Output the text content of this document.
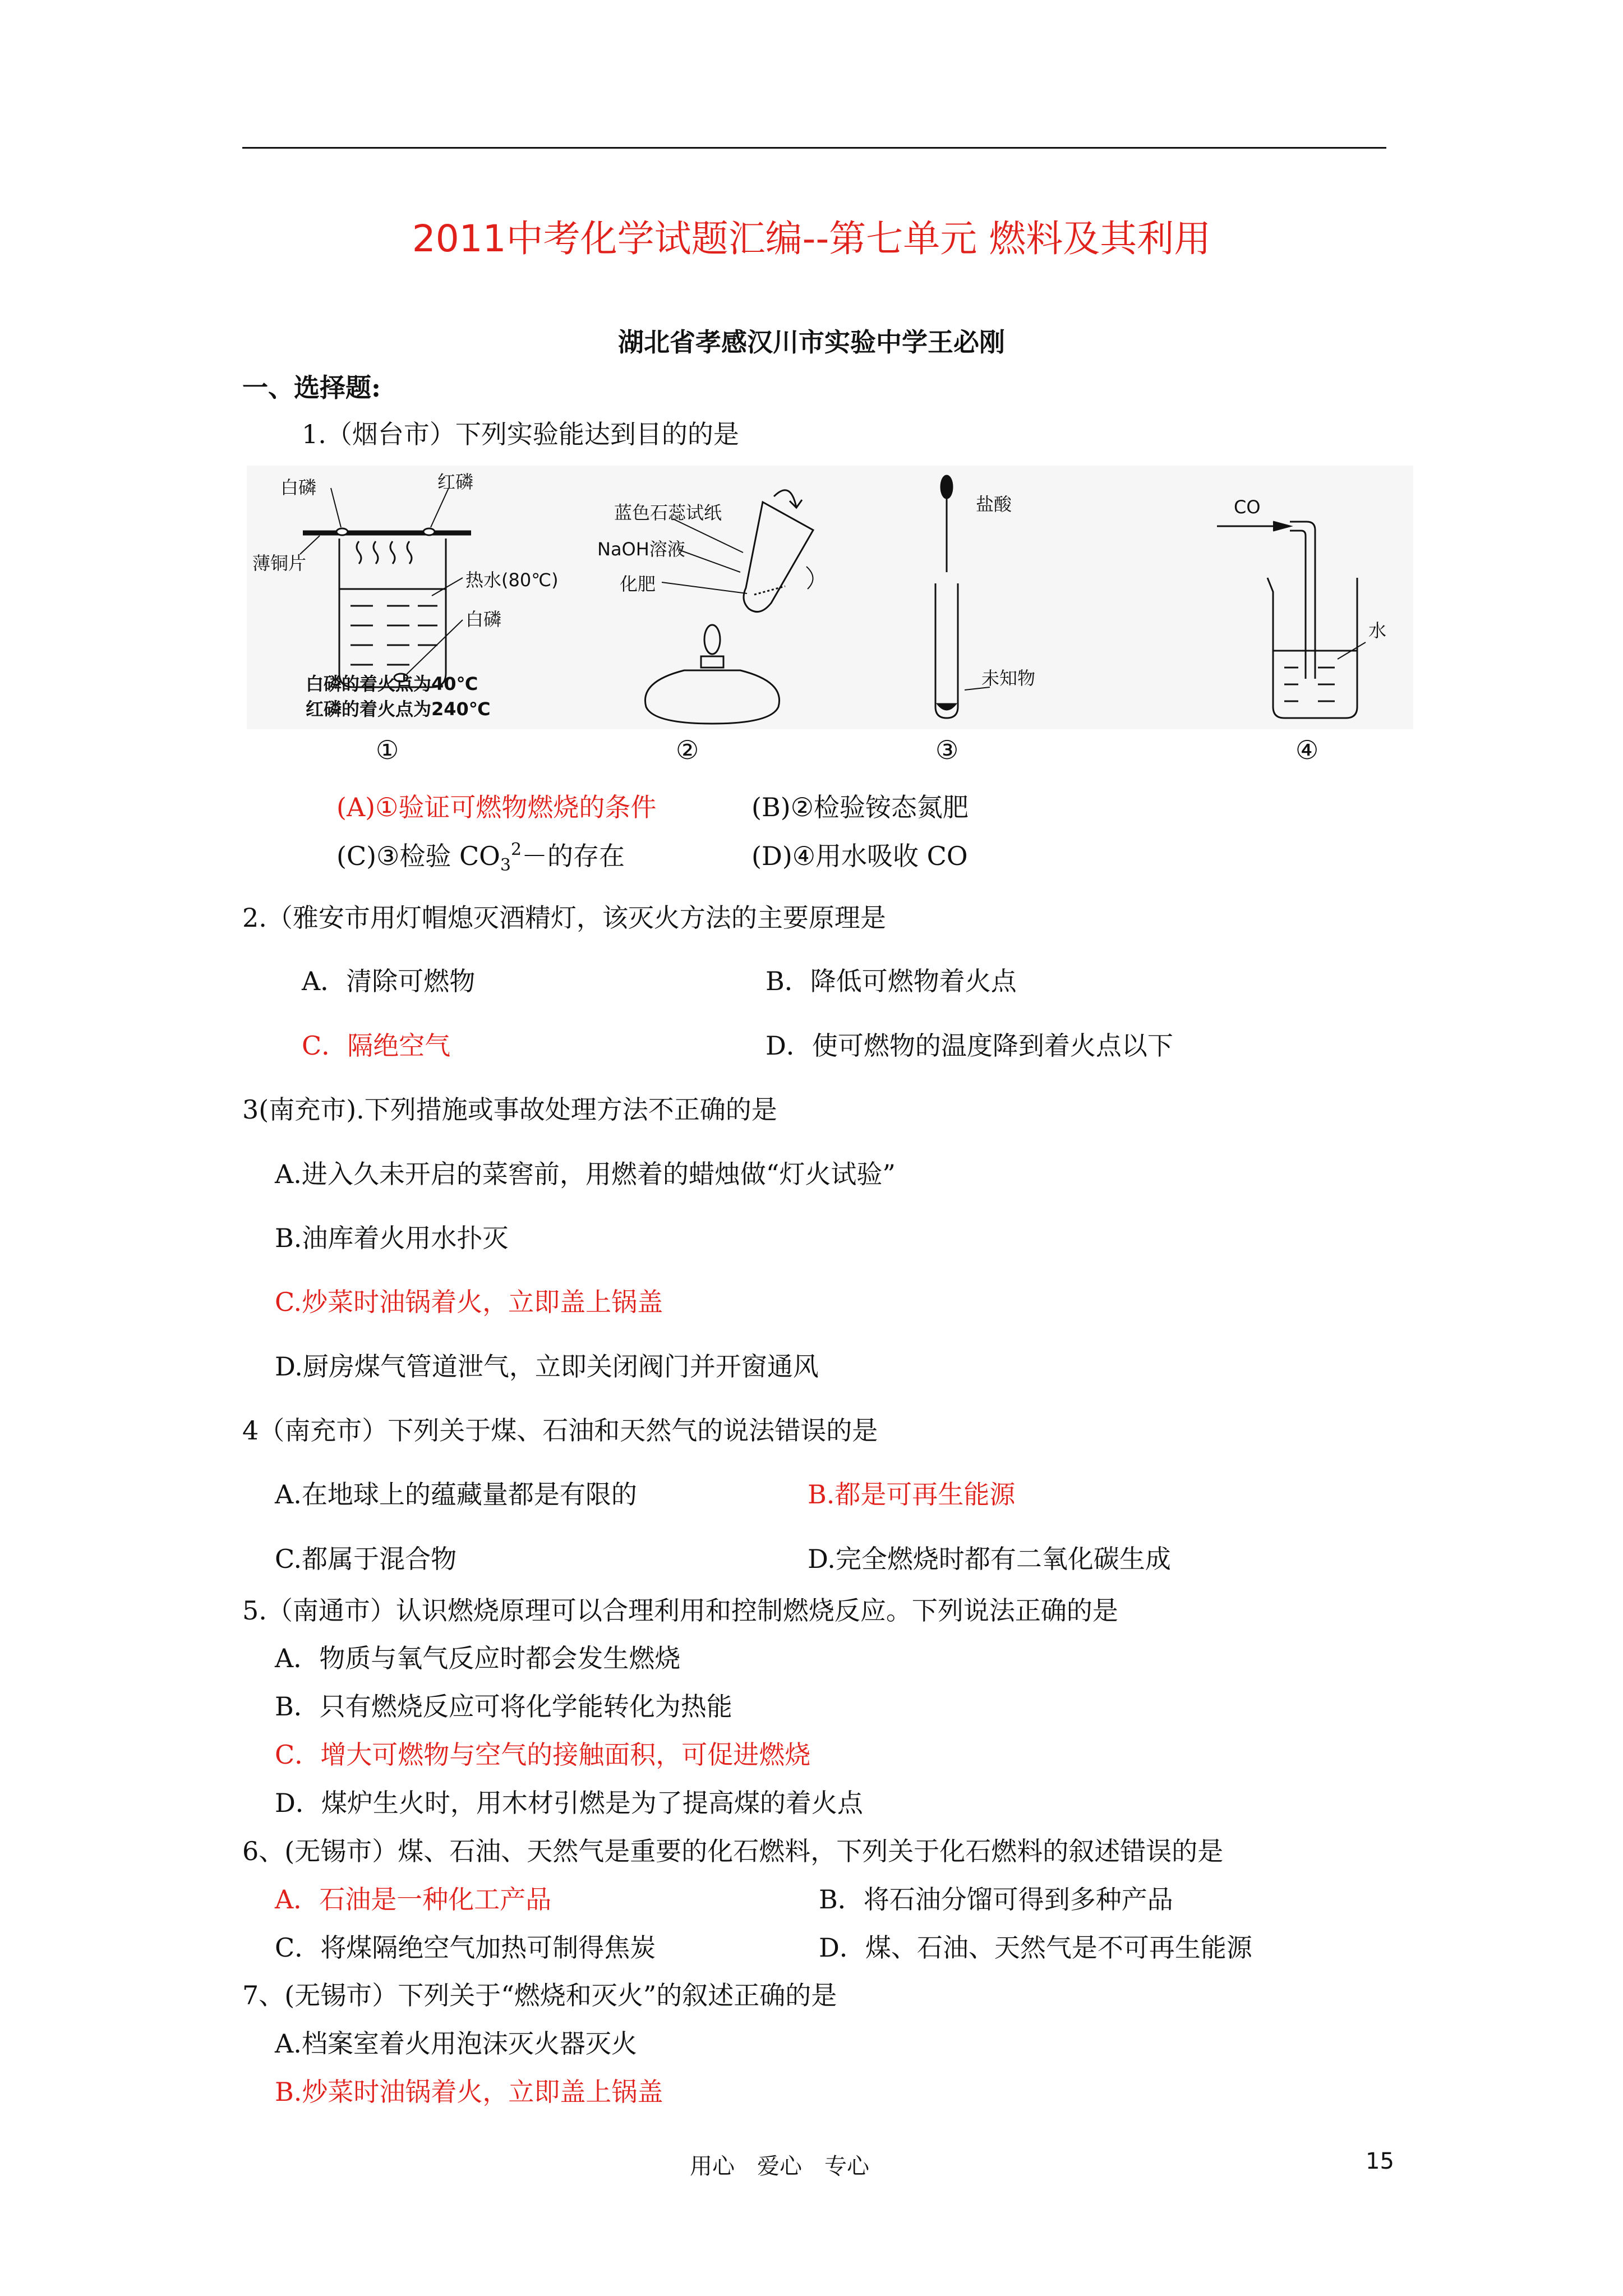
2011中考化学试题汇编--第七单元 燃料及其利用
湖北省孝感汉川市实验中学王必刚
一、选择题:
1.（烟台市）下列实验能达到目的的是
白磷	红磷
薄铜片
热水(80℃)
白磷
白磷的着火点为40℃
红磷的着火点为240℃
蓝色石蕊试纸
NaOH溶液
化肥
盐酸
未知物
CO
水
①	②	③	④
(A)①验证可燃物燃烧的条件	(B)②检验铵态氮肥
(C)③检验 $CO_3^2-$的存在	(D)④用水吸收 CO
2.（雅安市用灯帽熄灭酒精灯，该灭火方法的主要原理是
A．清除可燃物	B．降低可燃物着火点
C．隔绝空气	D．使可燃物的温度降到着火点以下
3(南充市).下列措施或事故处理方法不正确的是
A.进入久未开启的菜窖前，用燃着的蜡烛做“灯火试验”
B.油库着火用水扑灭
C.炒菜时油锅着火，立即盖上锅盖
D.厨房煤气管道泄气，立即关闭阀门并开窗通风
4（南充市）下列关于煤、石油和天然气的说法错误的是
A.在地球上的蕴藏量都是有限的	B.都是可再生能源
C.都属于混合物	D.完全燃烧时都有二氧化碳生成
5.（南通市）认识燃烧原理可以合理利用和控制燃烧反应。下列说法正确的是
A．物质与氧气反应时都会发生燃烧
B．只有燃烧反应可将化学能转化为热能
C．增大可燃物与空气的接触面积，可促进燃烧
D．煤炉生火时，用木材引燃是为了提高煤的着火点
6、(无锡市）煤、石油、天然气是重要的化石燃料，下列关于化石燃料的叙述错误的是
A．石油是一种化工产品	B．将石油分馏可得到多种产品
C．将煤隔绝空气加热可制得焦炭	D．煤、石油、天然气是不可再生能源
7、(无锡市）下列关于“燃烧和灭火”的叙述正确的是
A.档案室着火用泡沫灭火器灭火
B.炒菜时油锅着火，立即盖上锅盖
用心　爱心　专心	15
